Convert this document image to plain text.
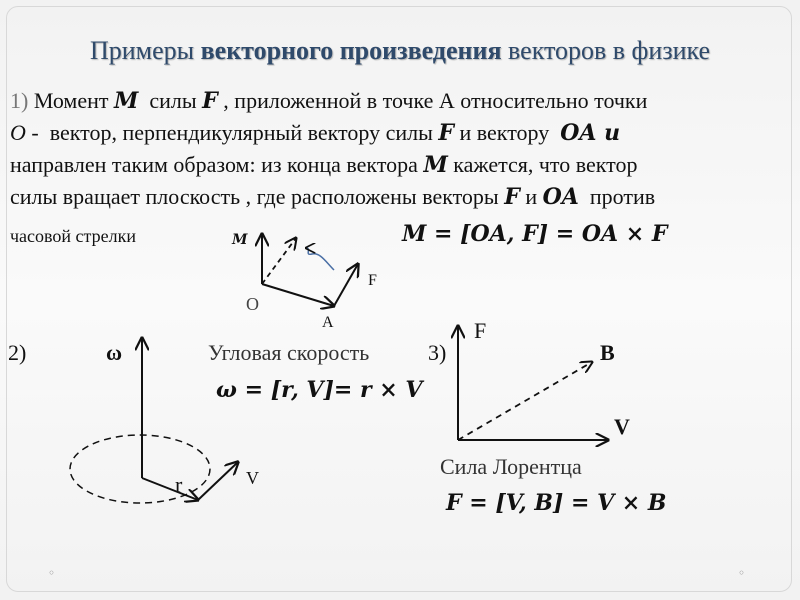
◦	◦
Примеры векторного произведения векторов в физике
1) Момент M  силы F , приложенной в точке А относительно точки
O -  вектор, перпендикулярный вектору силы F и вектору  OA и
направлен таким образом: из конца вектора M кажется, что вектор
силы вращает плоскость , где расположены векторы F и OA  против
часовой стрелки	M = [OA, F] = OA × F
M
O
A
F
2)	ω	Угловая скорость
ω = [r, V]= r × V
r	V
3)
F
B
V
Сила Лорентца
F = [V, B] = V × B
